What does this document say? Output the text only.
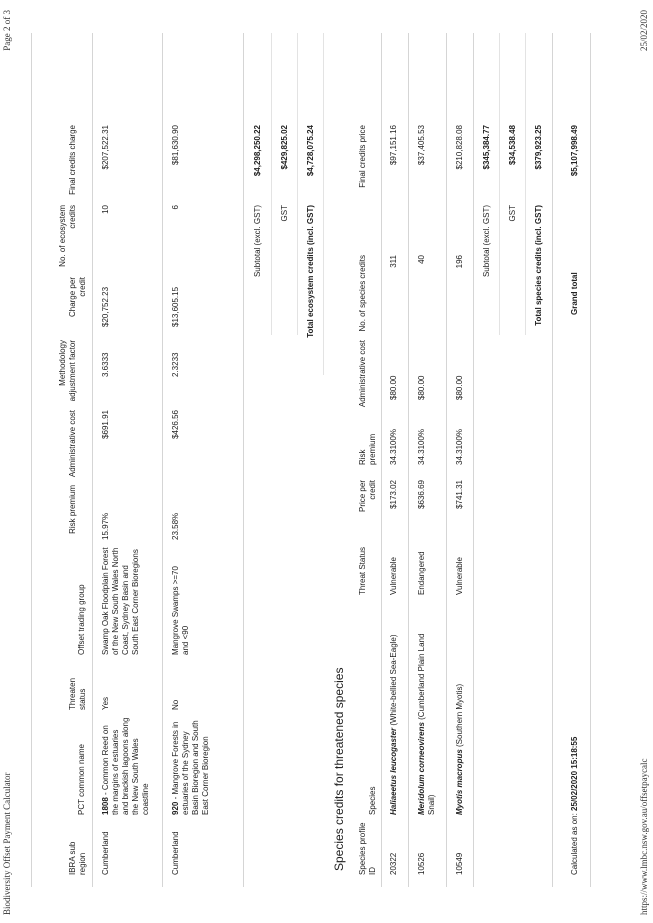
Biodiversity Offset Payment Calculator
Page 2 of 3
https://www.lmbc.nsw.gov.au/offsetpaycalc
25/02/2020
IBRA sub region
PCT common name
Threaten status
Offset trading group
Risk premium
Administrative cost
Methodology adjustment factor
Charge per credit
No. of ecosystem credits
Final credits charge
Cumberland
1808 - Common Reed on the margins of estuaries and brackish lagoons along the New South Wales coastline
Yes
Swamp Oak Floodplain Forest of the New South Wales North Coast, Sydney Basin and South East Corner Bioregions
15.97%
$691.91
3.6333
$20,752.23
10
$207,522.31
Cumberland
920 - Mangrove Forests in estuaries of the Sydney Basin Bioregion and South East Corner Bioregion
No
Mangrove Swamps >=70 and <90
23.58%
$426.56
2.3233
$13,605.15
6
$81,630.90
Subtotal (excl. GST)
$4,298,250.22
GST
$429,825.02
Total ecosystem credits (incl. GST)
$4,728,075.24
Species credits for threatened species Species profile ID
Species
Threat Status
Price per credit
Risk premium
Administrative cost
No. of species credits
Final credits price
20322
Haliaeetus leucogaster (White-bellied Sea-Eagle)
Vulnerable
$173.02
34.3100%
$80.00
311
$97,151.16
10526
Meridolum corneovirens (Cumberland Plain Land Snail)
Endangered
$636.69
34.3100%
$80.00
40
$37,405.53
10549
Myotis macropus (Southern Myotis)
Vulnerable
$741.31
34.3100%
$80.00
196
$210,828.08
Subtotal (excl. GST)
$345,384.77
GST
$34,538.48
Total species credits (incl. GST)
$379,923.25
Calculated as on: 25/02/2020 15:18:55
Grand total
$5,107,998.49
